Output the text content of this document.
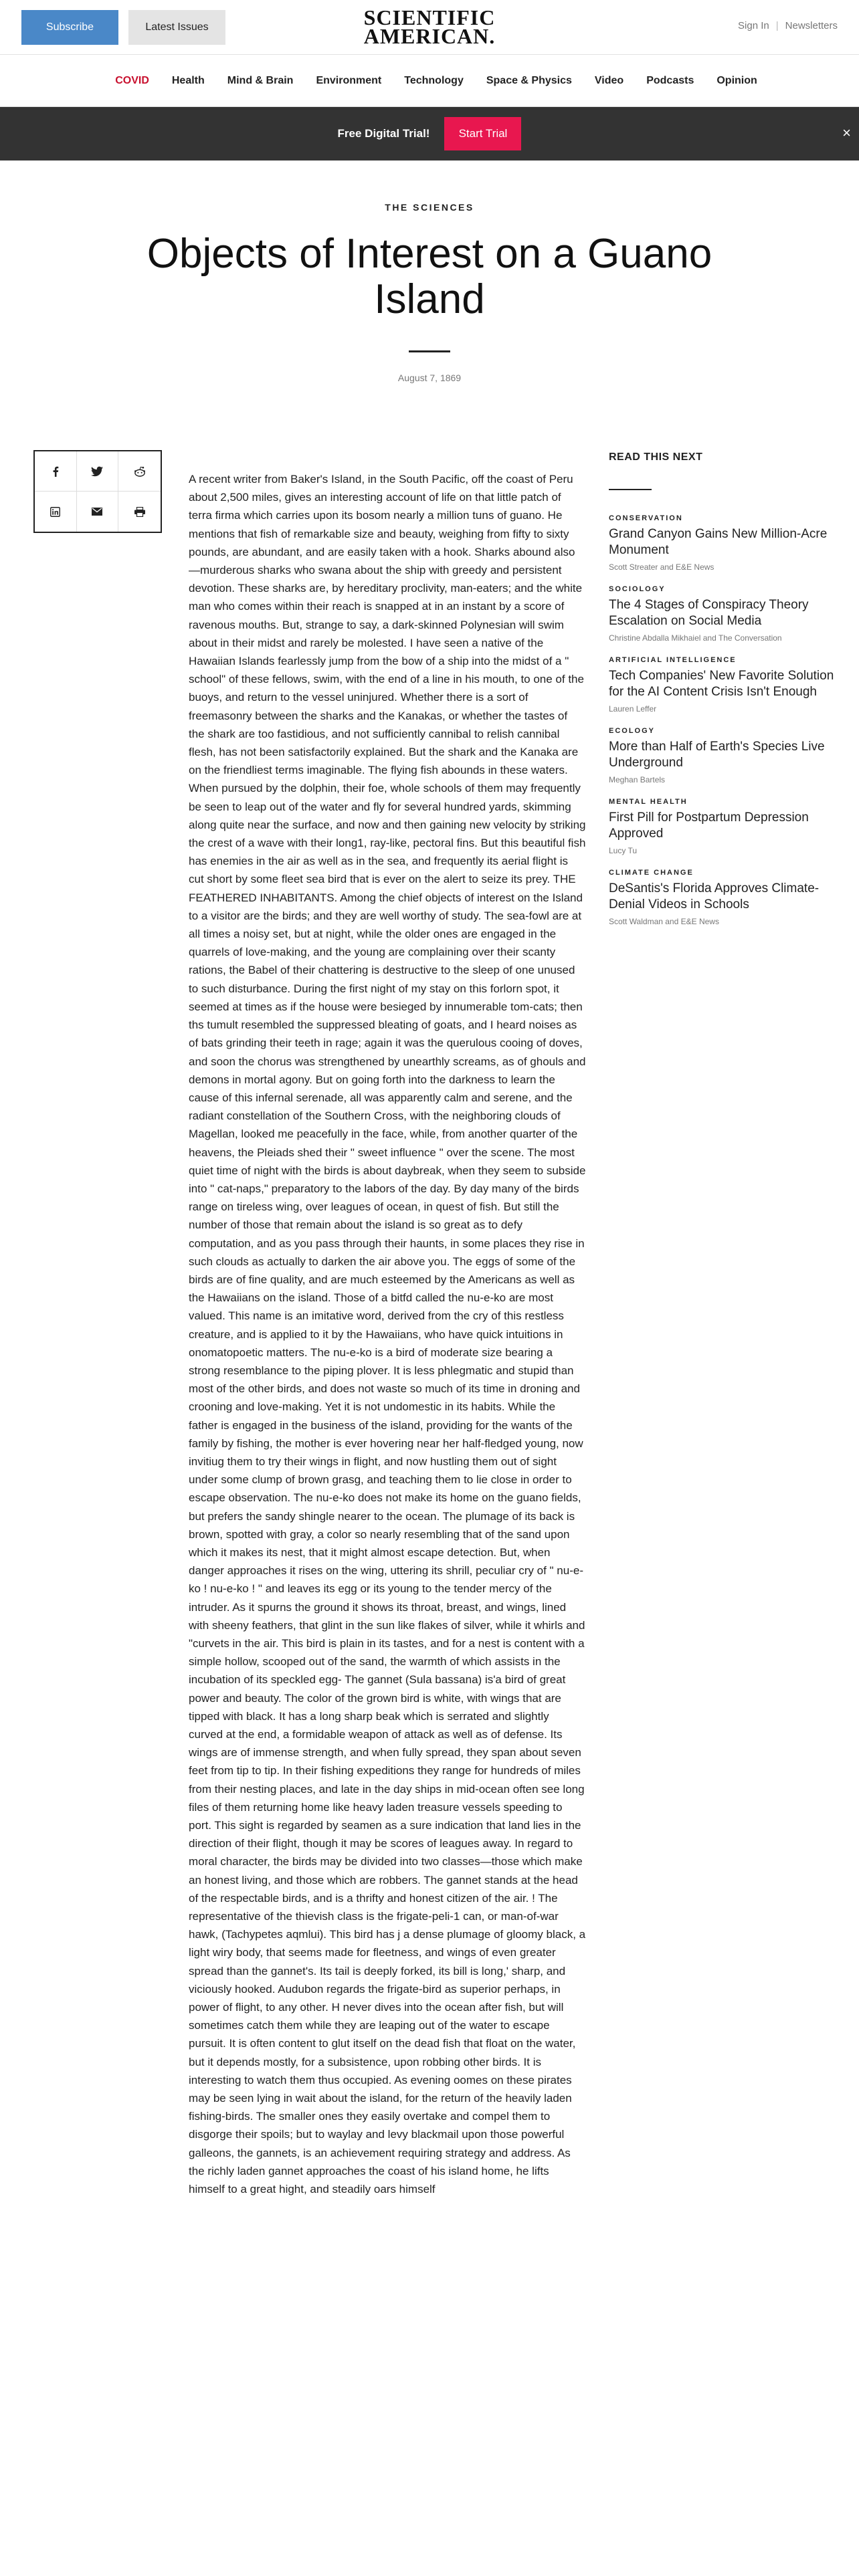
Subscribe	Latest Issues	SCIENTIFIC
AMERICAN.	Sign In | Newsletters
COVID Health Mind & Brain Environment Technology Space & Physics Video Podcasts Opinion
Free Digital Trial!	Start Trial	×
THE SCIENCES
Objects of Interest on a Guano Island
August 7, 1869
A recent writer from Baker's Island, in the South Pacific, off the coast of Peru about 2,500 miles, gives an interesting account of life on that little patch of terra firma which carries upon its bosom nearly a million tuns of guano. He mentions that fish of remarkable size and beauty, weighing from fifty to sixty pounds, are abundant, and are easily taken with a hook. Sharks abound also—murderous sharks who swana about the ship with greedy and persistent devotion. These sharks are, by hereditary proclivity, man-eaters; and the white man who comes within their reach is snapped at in an instant by a score of ravenous mouths. But, strange to say, a dark-skinned Polynesian will swim about in their midst and rarely be molested. I have seen a native of the Hawaiian Islands fearlessly jump from the bow of a ship into the midst of a " school" of these fellows, swim, with the end of a line in his mouth, to one of the buoys, and return to the vessel uninjured. Whether there is a sort of freemasonry between the sharks and the Kanakas, or whether the tastes of the shark are too fastidious, and not sufficiently cannibal to relish cannibal flesh, has not been satisfactorily explained. But the shark and the Kanaka are on the friendliest terms imaginable. The flying fish abounds in these waters. When pursued by the dolphin, their foe, whole schools of them may frequently be seen to leap out of the water and fly for several hundred yards, skimming along quite near the surface, and now and then gaining new velocity by striking the crest of a wave with their long1, ray-like, pectoral fins. But this beautiful fish has enemies in the air as well as in the sea, and frequently its aerial flight is cut short by some fleet sea bird that is ever on the alert to seize its prey. THE FEATHERED INHABITANTS. Among the chief objects of interest on the Island to a visitor are the birds; and they are well worthy of study. The sea-fowl are at all times a noisy set, but at night, while the older ones are engaged in the quarrels of love-making, and the young are complaining over their scanty rations, the Babel of their chattering is destructive to the sleep of one unused to such disturbance. During the first night of my stay on this forlorn spot, it seemed at times as if the house were besieged by innumerable tom-cats; then ths tumult resembled the suppressed bleating of goats, and I heard noises as of bats grinding their teeth in rage; again it was the querulous cooing of doves, and soon the chorus was strengthened by unearthly screams, as of ghouls and demons in mortal agony. But on going forth into the darkness to learn the cause of this infernal serenade, all was apparently calm and serene, and the radiant constellation of the Southern Cross, with the neighboring clouds of Magellan, looked me peacefully in the face, while, from another quarter of the heavens, the Pleiads shed their " sweet influence " over the scene. The most quiet time of night with the birds is about daybreak, when they seem to subside into " cat-naps," preparatory to the labors of the day. By day many of the birds range on tireless wing, over leagues of ocean, in quest of fish. But still the number of those that remain about the island is so great as to defy computation, and as you pass through their haunts, in some places they rise in such clouds as actually to darken the air above you. The eggs of some of the birds are of fine quality, and are much esteemed by the Americans as well as the Hawaiians on the island. Those of a bitfd called the nu-e-ko are most valued. This name is an imitative word, derived from the cry of this restless creature, and is applied to it by the Hawaiians, who have quick intuitions in onomatopoetic matters. The nu-e-ko is a bird of moderate size bearing a strong resemblance to the piping plover. It is less phlegmatic and stupid than most of the other birds, and does not waste so much of its time in droning and crooning and love-making. Yet it is not undomestic in its habits. While the father is engaged in the business of the island, providing for the wants of the family by fishing, the mother is ever hovering near her half-fledged young, now invitiug them to try their wings in flight, and now hustling them out of sight under some clump of brown grasg, and teaching them to lie close in order to escape observation. The nu-e-ko does not make its home on the guano fields, but prefers the sandy shingle nearer to the ocean. The plumage of its back is brown, spotted with gray, a color so nearly resembling that of the sand upon which it makes its nest, that it might almost escape detection. But, when danger approaches it rises on the wing, uttering its shrill, peculiar cry of " nu-e-ko ! nu-e-ko ! " and leaves its egg or its young to the tender mercy of the intruder. As it spurns the ground it shows its throat, breast, and wings, lined with sheeny feathers, that glint in the sun like flakes of silver, while it whirls and "curvets in the air. This bird is plain in its tastes, and for a nest is content with a simple hollow, scooped out of the sand, the warmth of which assists in the incubation of its speckled egg- The gannet (Sula bassana) is'a bird of great power and beauty. The color of the grown bird is white, with wings that are tipped with black. It has a long sharp beak which is serrated and slightly curved at the end, a formidable weapon of attack as well as of defense. Its wings are of immense strength, and when fully spread, they span about seven feet from tip to tip. In their fishing expeditions they range for hundreds of miles from their nesting places, and late in the day ships in mid-ocean often see long files of them returning home like heavy laden treasure vessels speeding to port. This sight is regarded by seamen as a sure indication that land lies in the direction of their flight, though it may be scores of leagues away. In regard to moral character, the birds may be divided into two classes—those which make an honest living, and those which are robbers. The gannet stands at the head of the respectable birds, and is a thrifty and honest citizen of the air. ! The representative of the thievish class is the frigate-peli-1 can, or man-of-war hawk, (Tachypetes aqmlui). This bird has j a dense plumage of gloomy black, a light wiry body, that seems made for fleetness, and wings of even greater spread than the gannet's. Its tail is deeply forked, its bill is long,' sharp, and viciously hooked. Audubon regards the frigate-bird as superior perhaps, in power of flight, to any other. H never dives into the ocean after fish, but will sometimes catch them while they are leaping out of the water to escape pursuit. It is often content to glut itself on the dead fish that float on the water, but it depends mostly, for a subsistence, upon robbing other birds. It is interesting to watch them thus occupied. As evening oomes on these pirates may be seen lying in wait about the island, for the return of the heavily laden fishing-birds. The smaller ones they easily overtake and compel them to disgorge their spoils; but to waylay and levy blackmail upon those powerful galleons, the gannets, is an achievement requiring strategy and address. As the richly laden gannet approaches the coast of his island home, he lifts himself to a great hight, and steadily oars himself
READ THIS NEXT
CONSERVATION
Grand Canyon Gains New Million-Acre Monument
Scott Streater and E&E News
SOCIOLOGY
The 4 Stages of Conspiracy Theory Escalation on Social Media
Christine Abdalla Mikhaiel and The Conversation
ARTIFICIAL INTELLIGENCE
Tech Companies' New Favorite Solution for the AI Content Crisis Isn't Enough
Lauren Leffer
ECOLOGY
More than Half of Earth's Species Live Underground
Meghan Bartels
MENTAL HEALTH
First Pill for Postpartum Depression Approved
Lucy Tu
CLIMATE CHANGE
DeSantis's Florida Approves Climate-Denial Videos in Schools
Scott Waldman and E&E News
